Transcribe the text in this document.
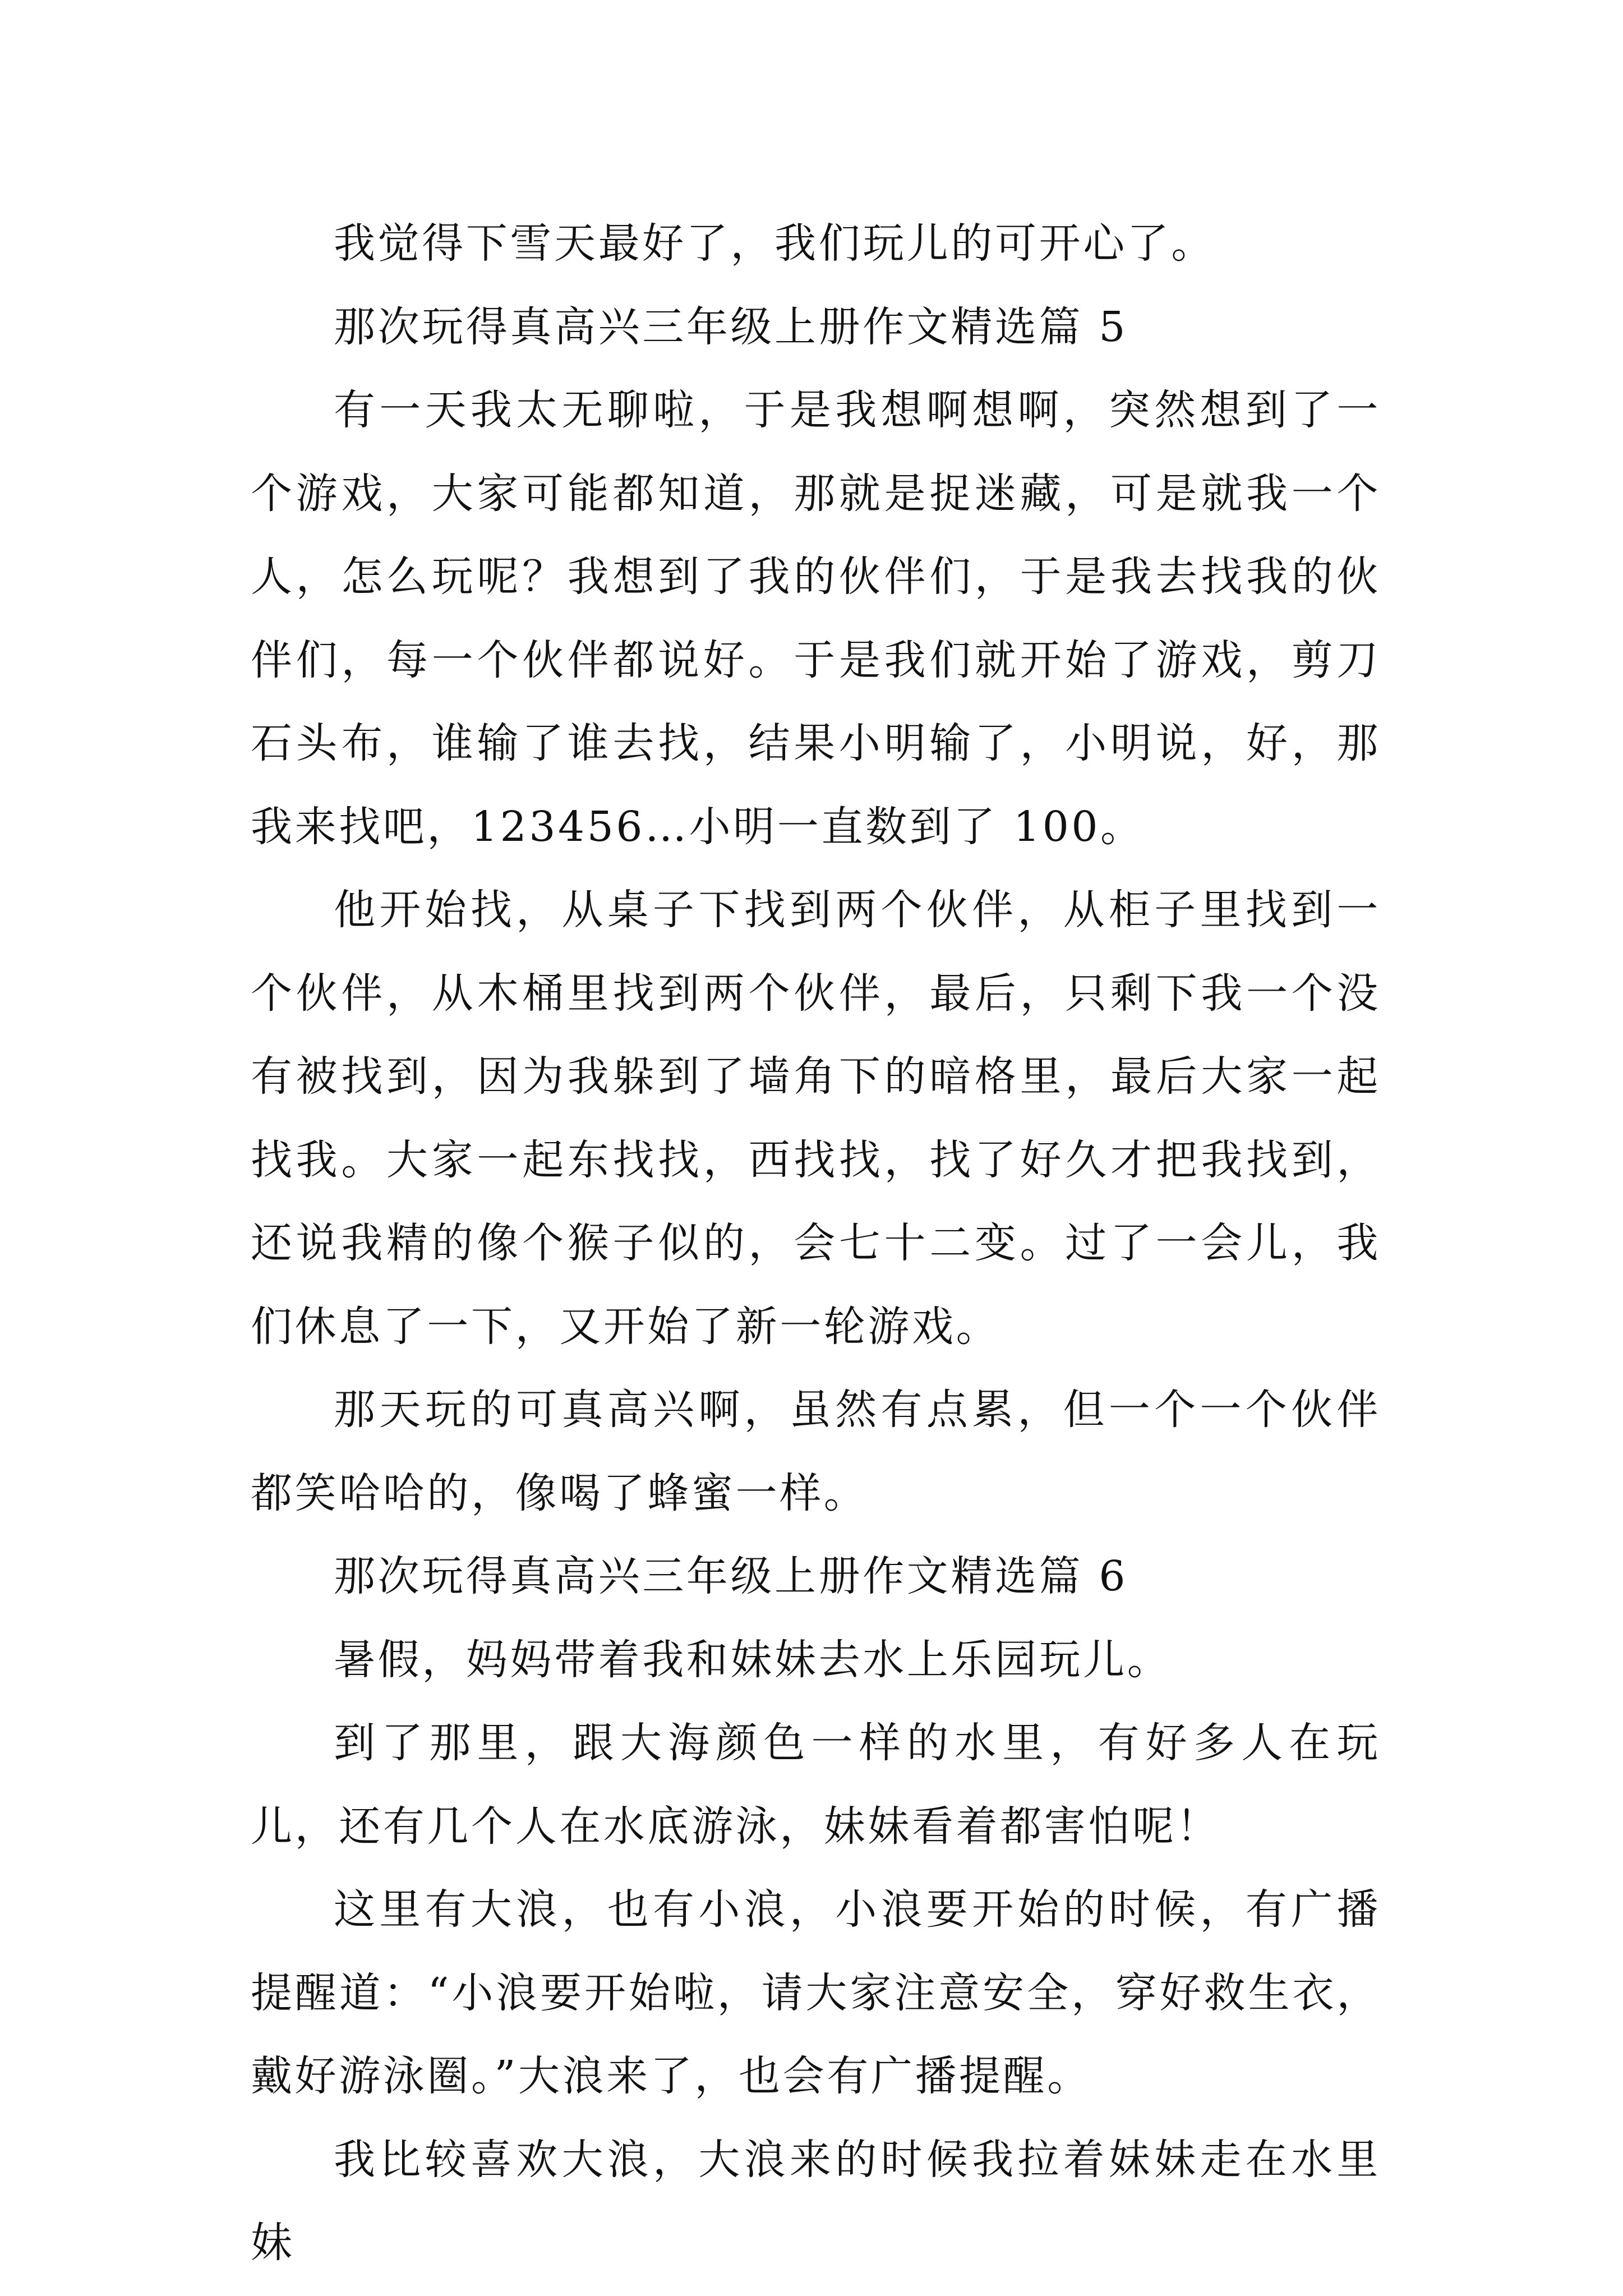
我觉得下雪天最好了，我们玩儿的可开心了。

那次玩得真高兴三年级上册作文精选篇 5

有一天我太无聊啦，于是我想啊想啊，突然想到了一个游戏，大家可能都知道，那就是捉迷藏，可是就我一个人，怎么玩呢？我想到了我的伙伴们，于是我去找我的伙伴们，每一个伙伴都说好。于是我们就开始了游戏，剪刀石头布，谁输了谁去找，结果小明输了，小明说，好，那我来找吧，123456…小明一直数到了 100。

他开始找，从桌子下找到两个伙伴，从柜子里找到一个伙伴，从木桶里找到两个伙伴，最后，只剩下我一个没有被找到，因为我躲到了墙角下的暗格里，最后大家一起找我。大家一起东找找，西找找，找了好久才把我找到，还说我精的像个猴子似的，会七十二变。过了一会儿，我们休息了一下，又开始了新一轮游戏。

那天玩的可真高兴啊，虽然有点累，但一个一个伙伴都笑哈哈的，像喝了蜂蜜一样。

那次玩得真高兴三年级上册作文精选篇 6

暑假，妈妈带着我和妹妹去水上乐园玩儿。

到了那里，跟大海颜色一样的水里，有好多人在玩儿，还有几个人在水底游泳，妹妹看着都害怕呢！

这里有大浪，也有小浪，小浪要开始的时候，有广播提醒道：“小浪要开始啦，请大家注意安全，穿好救生衣，戴好游泳圈。”大浪来了，也会有广播提醒。

我比较喜欢大浪，大浪来的时候我拉着妹妹走在水里妹
